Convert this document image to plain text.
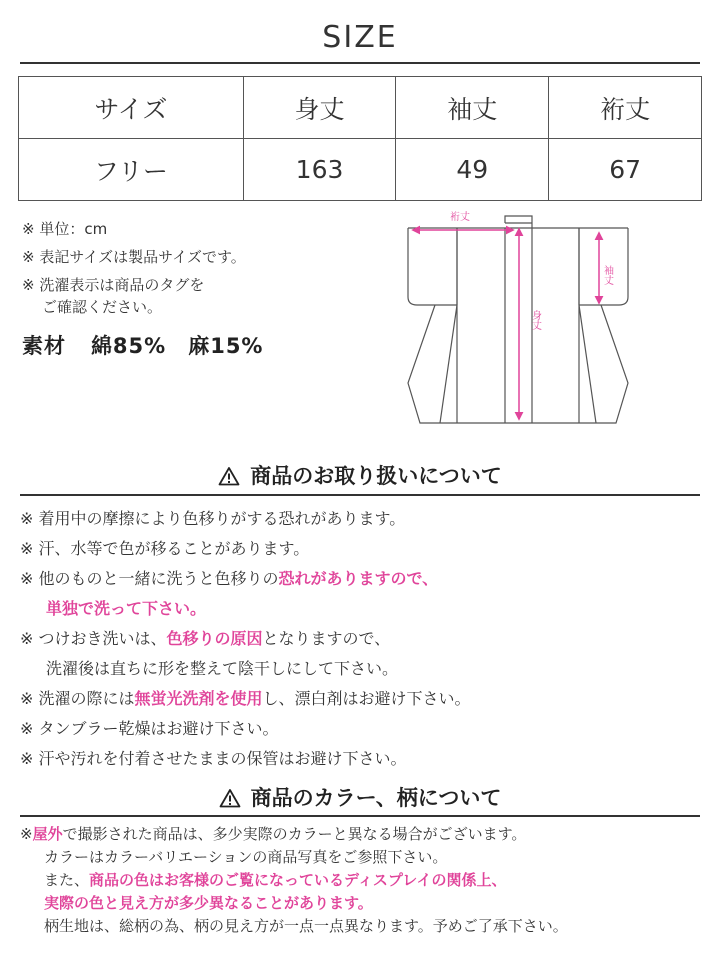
SIZE
サイズ	身丈	袖丈	裄丈
フリー	163	49	67
※ 単位：cm
※ 表記サイズは製品サイズです。
※ 洗濯表示は商品のタグを
ご確認ください。
素材 綿85%　麻15%
裄丈
袖丈
身丈
商品のお取り扱いについて
※ 着用中の摩擦により色移りがする恐れがあります。
※ 汗、水等で色が移ることがあります。
※ 他のものと一緒に洗うと色移りの恐れがありますので、
単独で洗って下さい。
※ つけおき洗いは、色移りの原因となりますので、
洗濯後は直ちに形を整えて陰干しにして下さい。
※ 洗濯の際には無蛍光洗剤を使用し、漂白剤はお避け下さい。
※ タンブラー乾燥はお避け下さい。
※ 汗や汚れを付着させたままの保管はお避け下さい。
商品のカラー、柄について
※屋外で撮影された商品は、多少実際のカラーと異なる場合がございます。
カラーはカラーバリエーションの商品写真をご参照下さい。
また、商品の色はお客様のご覧になっているディスプレイの関係上、
実際の色と見え方が多少異なることがあります。
柄生地は、総柄の為、柄の見え方が一点一点異なります。予めご了承下さい。
